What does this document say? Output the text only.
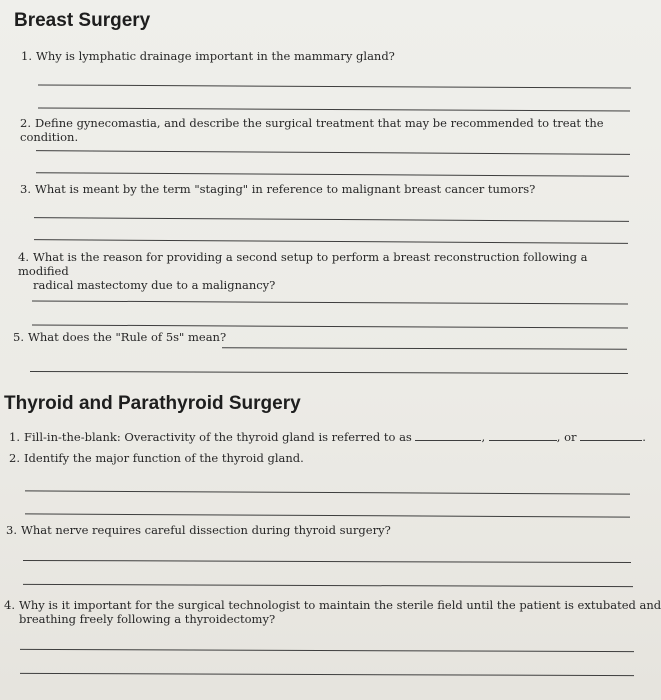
Breast Surgery
1. Why is lymphatic drainage important in the mammary gland?
2. Define gynecomastia, and describe the surgical treatment that may be recommended to treat the condition.
3. What is meant by the term "staging" in reference to malignant breast cancer tumors?
4. What is the reason for providing a second setup to perform a breast reconstruction following a modified
radical mastectomy due to a malignancy?
5. What does the "Rule of 5s" mean?
Thyroid and Parathyroid Surgery
1. Fill-in-the-blank: Overactivity of the thyroid gland is referred to as	,	, or	.
2. Identify the major function of the thyroid gland.
3. What nerve requires careful dissection during thyroid surgery?
4. Why is it important for the surgical technologist to maintain the sterile field until the patient is extubated and
breathing freely following a thyroidectomy?
